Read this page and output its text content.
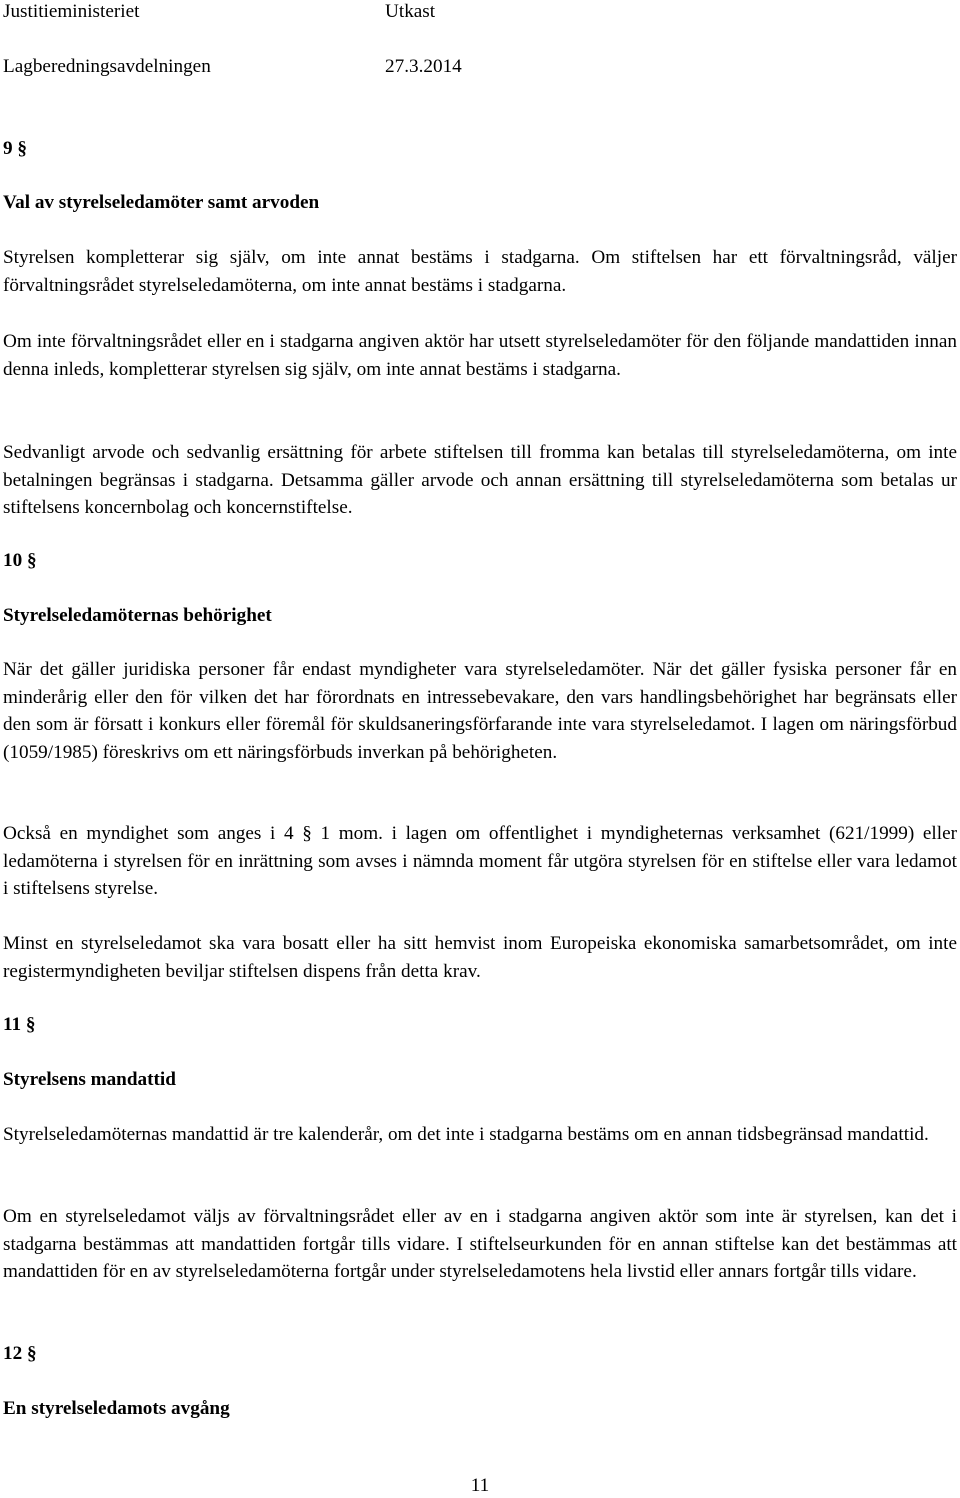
Justitieministeriet	Utkast
Lagberedningsavdelningen	27.3.2014
9 §
Val av styrelseledamöter samt arvoden

Styrelsen kompletterar sig själv, om inte annat bestäms i stadgarna. Om stiftelsen har ett förvaltningsråd, väljer förvaltningsrådet styrelseledamöterna, om inte annat bestäms i stadgarna.

Om inte förvaltningsrådet eller en i stadgarna angiven aktör har utsett styrelseledamöter för den följande mandattiden innan denna inleds, kompletterar styrelsen sig själv, om inte annat bestäms i stadgarna.

Sedvanligt arvode och sedvanlig ersättning för arbete stiftelsen till fromma kan betalas till styrelseledamöterna, om inte betalningen begränsas i stadgarna. Detsamma gäller arvode och annan ersättning till styrelseledamöterna som betalas ur stiftelsens koncernbolag och koncernstiftelse.

10 §
Styrelseledamöternas behörighet

När det gäller juridiska personer får endast myndigheter vara styrelseledamöter. När det gäller fysiska personer får en minderårig eller den för vilken det har förordnats en intressebevakare, den vars handlingsbehörighet har begränsats eller den som är försatt i konkurs eller föremål för skuldsaneringsförfarande inte vara styrelseledamot. I lagen om näringsförbud (1059/1985) föreskrivs om ett näringsförbuds inverkan på behörigheten.

Också en myndighet som anges i 4 § 1 mom. i lagen om offentlighet i myndigheternas verksamhet (621/1999) eller ledamöterna i styrelsen för en inrättning som avses i nämnda moment får utgöra styrelsen för en stiftelse eller vara ledamot i stiftelsens styrelse.

Minst en styrelseledamot ska vara bosatt eller ha sitt hemvist inom Europeiska ekonomiska samarbetsområdet, om inte registermyndigheten beviljar stiftelsen dispens från detta krav.

11 §
Styrelsens mandattid

Styrelseledamöternas mandattid är tre kalenderår, om det inte i stadgarna bestäms om en annan tidsbegränsad mandattid.

Om en styrelseledamot väljs av förvaltningsrådet eller av en i stadgarna angiven aktör som inte är styrelsen, kan det i stadgarna bestämmas att mandattiden fortgår tills vidare. I stiftelseurkunden för en annan stiftelse kan det bestämmas att mandattiden för en av styrelseledamöterna fortgår under styrelseledamotens hela livstid eller annars fortgår tills vidare.

12 §
En styrelseledamots avgång
11
